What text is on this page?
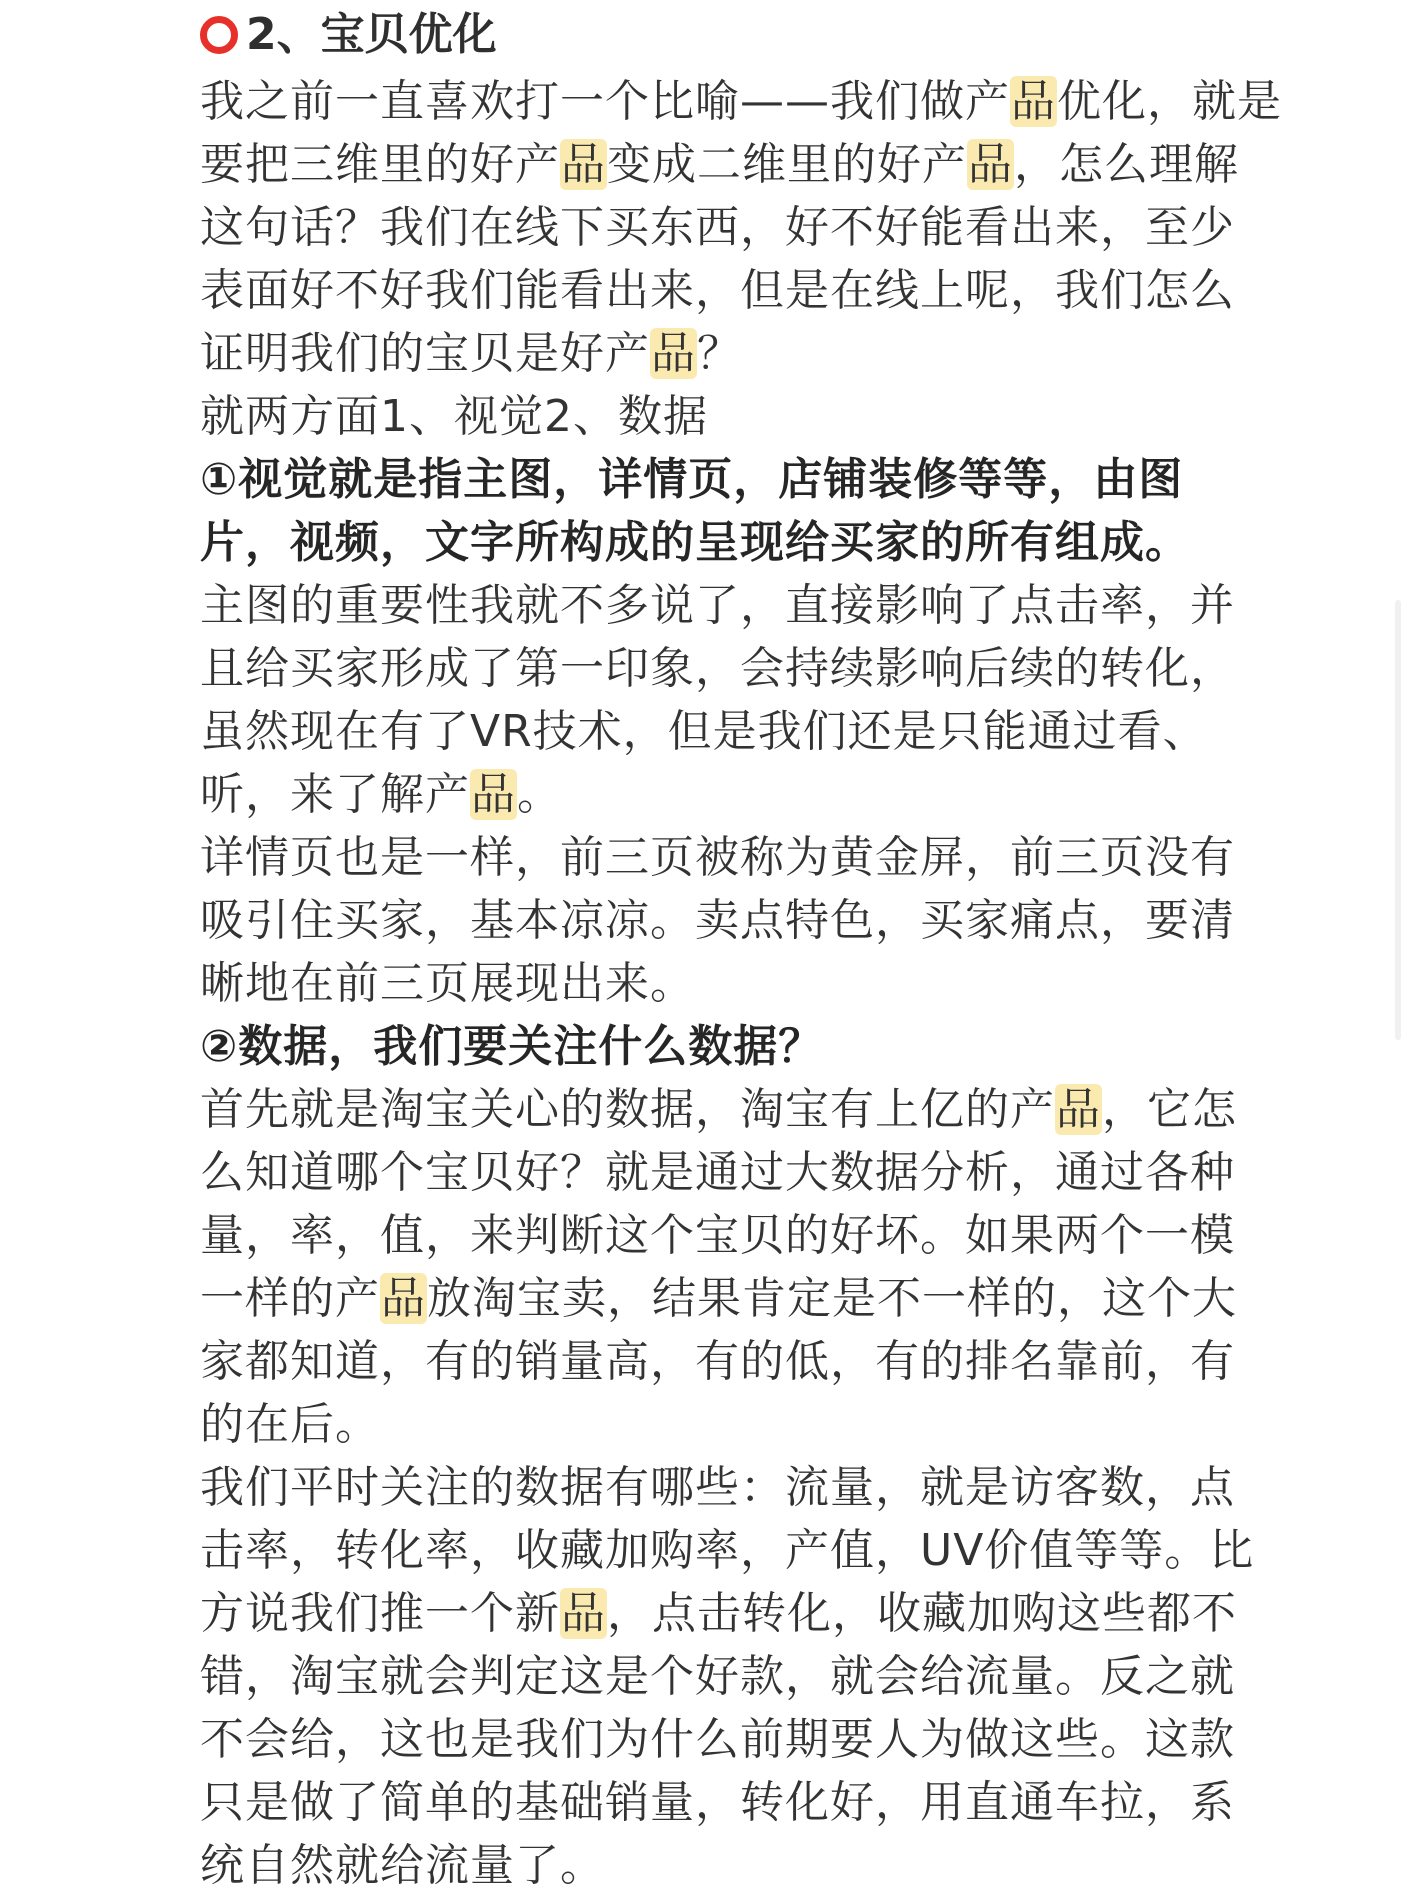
2、宝贝优化
我之前一直喜欢打一个比喻——我们做产品优化，就是
要把三维里的好产品变成二维里的好产品，怎么理解
这句话？我们在线下买东西，好不好能看出来，至少
表面好不好我们能看出来，但是在线上呢，我们怎么
证明我们的宝贝是好产品？
就两方面1、视觉2、数据
①视觉就是指主图，详情页，店铺装修等等，由图
片，视频，文字所构成的呈现给买家的所有组成。
主图的重要性我就不多说了，直接影响了点击率，并
且给买家形成了第一印象，会持续影响后续的转化，
虽然现在有了VR技术，但是我们还是只能通过看、
听，来了解产品。
详情页也是一样，前三页被称为黄金屏，前三页没有
吸引住买家，基本凉凉。卖点特色，买家痛点，要清
晰地在前三页展现出来。
②数据，我们要关注什么数据？
首先就是淘宝关心的数据，淘宝有上亿的产品，它怎
么知道哪个宝贝好？就是通过大数据分析，通过各种
量，率，值，来判断这个宝贝的好坏。如果两个一模
一样的产品放淘宝卖，结果肯定是不一样的，这个大
家都知道，有的销量高，有的低，有的排名靠前，有
的在后。
我们平时关注的数据有哪些：流量，就是访客数，点
击率，转化率，收藏加购率，产值，UV价值等等。比
方说我们推一个新品，点击转化，收藏加购这些都不
错，淘宝就会判定这是个好款，就会给流量。反之就
不会给，这也是我们为什么前期要人为做这些。这款
只是做了简单的基础销量，转化好，用直通车拉，系
统自然就给流量了。
